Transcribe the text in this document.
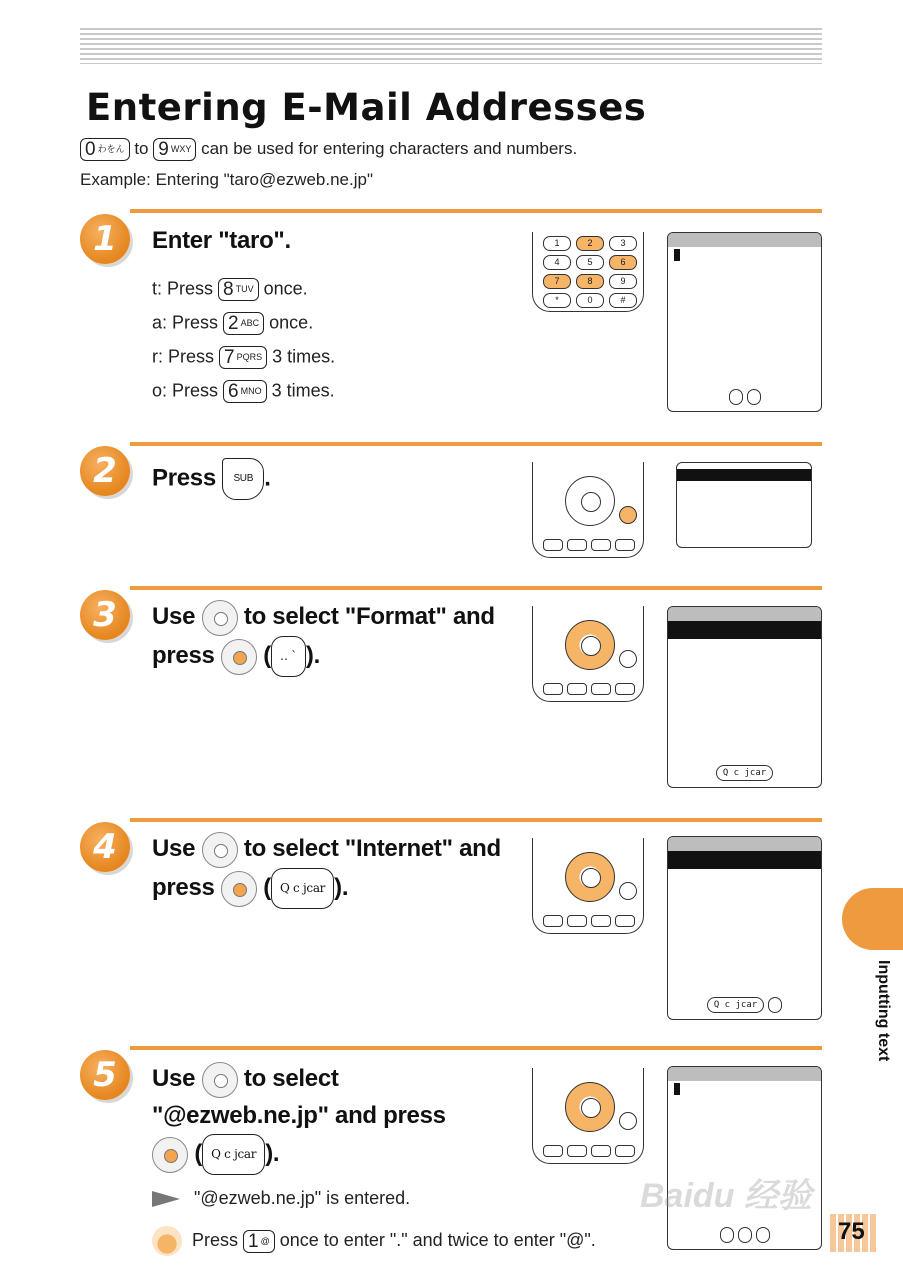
Entering E-Mail Addresses
0 わをん to 9 WXY can be used for entering characters and numbers.
Example: Entering "taro@ezweb.ne.jp"
1	Enter "taro".
t: Press 8 TUV once.
a: Press 2 ABC once.
r: Press 7 PQRS 3 times.
o: Press 6 MNO 3 times.
1	2	3
4	5	6
7	8	9
*	0	#
2	Press SUB .
3	Use to select "Format" and
press ( ‥ ` ).
Q c jcar
4	Use to select "Internet" and
press ( Q c jcar ).
Q c jcar
5	Use to select
"@ezweb.ne.jp" and press
( Q c jcar ).
"@ezweb.ne.jp" is entered.
Press 1 @ once to enter "." and twice to enter "@".
Baidu 经验
Inputting text
75
